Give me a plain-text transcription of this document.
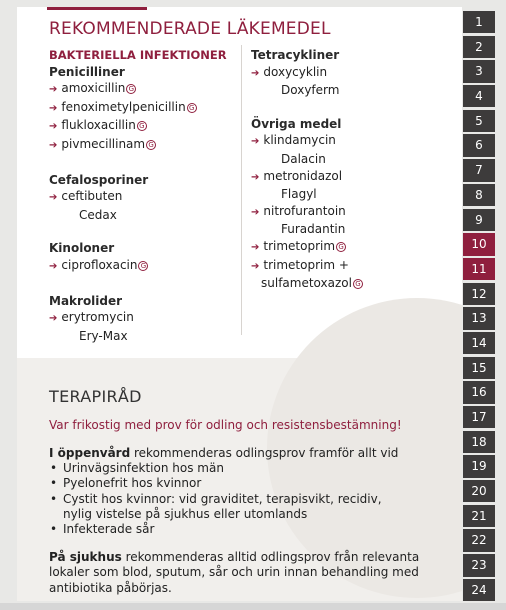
REKOMMENDERADE LÄKEMEDEL
BAKTERIELLA INFEKTIONER
Penicilliner
➔ amoxicillin G
➔ fenoximetylpenicillin G
➔ flukloxacillin G
➔ pivmecillinam G
Cefalosporiner
➔ ceftibuten
Cedax
Kinoloner
➔ ciprofloxacin G
Makrolider
➔ erytromycin
Ery-Max
Tetracykliner
➔ doxycyklin
Doxyferm
Övriga medel
➔ klindamycin
Dalacin
➔ metronidazol
Flagyl
➔ nitrofurantoin
Furadantin
➔ trimetoprim G
➔ trimetoprim +
sulfametoxazol G
TERAPIRÅD
Var frikostig med prov för odling och resistensbestämning!
I öppenvård rekommenderas odlingsprov framför allt vid
• Urinvägsinfektion hos män
• Pyelonefrit hos kvinnor
• Cystit hos kvinnor: vid graviditet, terapisvikt, recidiv,
nylig vistelse på sjukhus eller utomlands
• Infekterade sår
På sjukhus rekommenderas alltid odlingsprov från relevanta lokaler som blod, sputum, sår och urin innan behandling med antibiotika påbörjas.
1
2
3
4
5
6
7
8
9
10
11
12
13
14
15
16
17
18
19
20
21
22
23
24
